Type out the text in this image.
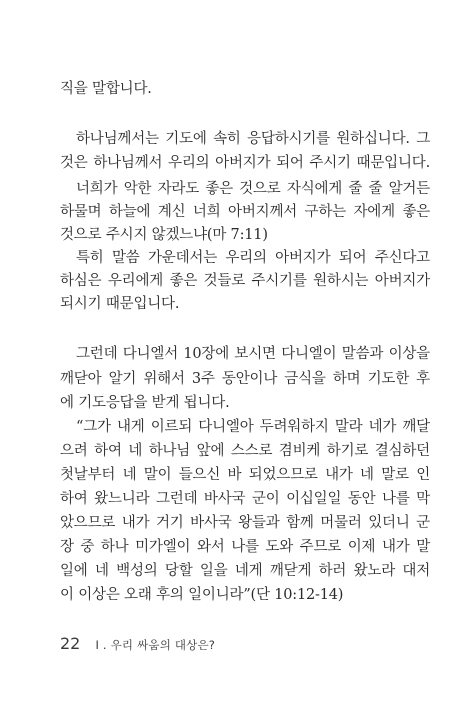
직을 말합니다.
하나님께서는 기도에 속히 응답하시기를 원하십니다. 그
것은 하나님께서 우리의 아버지가 되어 주시기 때문입니다.
너희가 악한 자라도 좋은 것으로 자식에게 줄 줄 알거든
하물며 하늘에 계신 너희 아버지께서 구하는 자에게 좋은
것으로 주시지 않겠느냐(마 7:11)
특히 말씀 가운데서는 우리의 아버지가 되어 주신다고
하심은 우리에게 좋은 것들로 주시기를 원하시는 아버지가
되시기 때문입니다.
그런데 다니엘서 10장에 보시면 다니엘이 말씀과 이상을
깨닫아 알기 위해서 3주 동안이나 금식을 하며 기도한 후
에 기도응답을 받게 됩니다.
“그가 내게 이르되 다니엘아 두려워하지 말라 네가 깨달
으려 하여 네 하나님 앞에 스스로 겸비케 하기로 결심하던
첫날부터 네 말이 들으신 바 되었으므로 내가 네 말로 인
하여 왔느니라 그런데 바사국 군이 이십일일 동안 나를 막
았으므로 내가 거기 바사국 왕들과 함께 머물러 있더니 군
장 중 하나 미가엘이 와서 나를 도와 주므로 이제 내가 말
일에 네 백성의 당할 일을 네게 깨닫게 하러 왔노라 대저
이 이상은 오래 후의 일이니라”(단 10:12-14)
22 I . 우리 싸움의 대상은?
